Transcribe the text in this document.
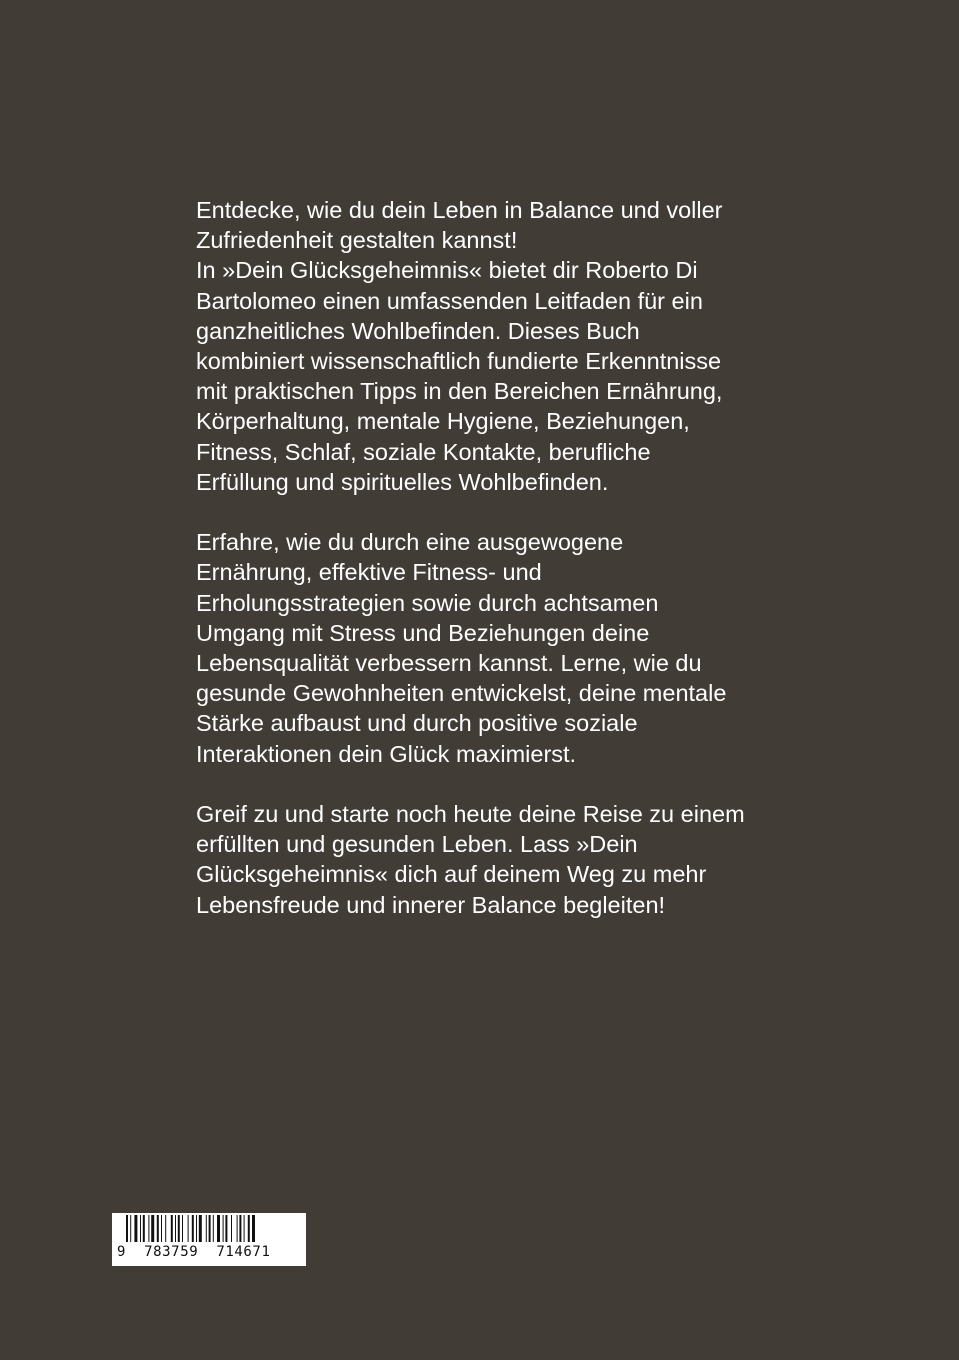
Entdecke, wie du dein Leben in Balance und voller
Zufriedenheit gestalten kannst!
In »Dein Glücksgeheimnis« bietet dir Roberto Di
Bartolomeo einen umfassenden Leitfaden für ein
ganzheitliches Wohlbefinden. Dieses Buch
kombiniert wissenschaftlich fundierte Erkenntnisse
mit praktischen Tipps in den Bereichen Ernährung,
Körperhaltung, mentale Hygiene, Beziehungen,
Fitness, Schlaf, soziale Kontakte, berufliche
Erfüllung und spirituelles Wohlbefinden.

Erfahre, wie du durch eine ausgewogene
Ernährung, effektive Fitness- und
Erholungsstrategien sowie durch achtsamen
Umgang mit Stress und Beziehungen deine
Lebensqualität verbessern kannst. Lerne, wie du
gesunde Gewohnheiten entwickelst, deine mentale
Stärke aufbaust und durch positive soziale
Interaktionen dein Glück maximierst.

Greif zu und starte noch heute deine Reise zu einem
erfüllten und gesunden Leben. Lass »Dein
Glücksgeheimnis« dich auf deinem Weg zu mehr
Lebensfreude und innerer Balance begleiten!

9  783759  714671
